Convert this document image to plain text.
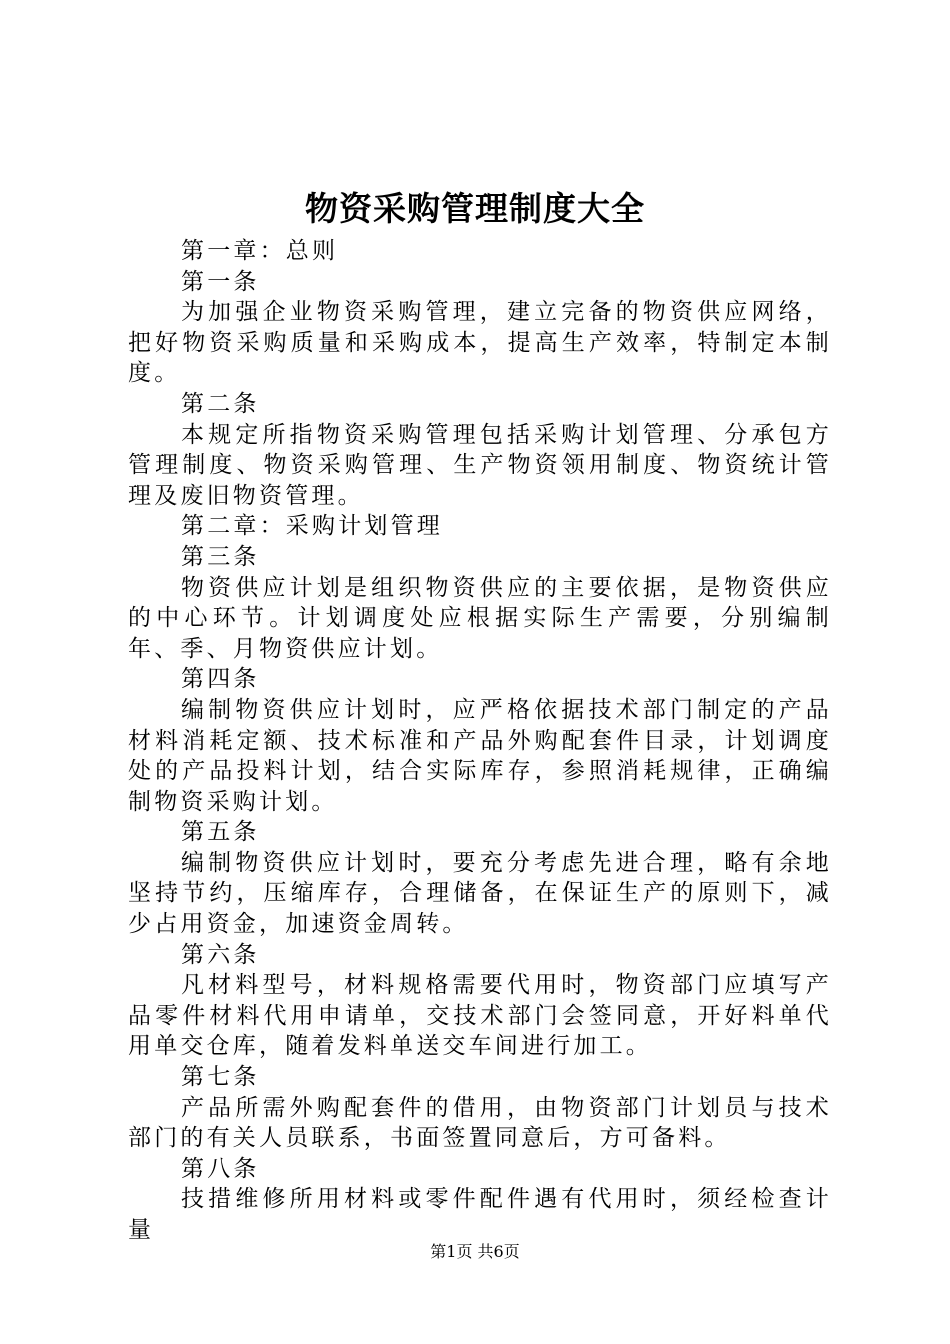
物资采购管理制度大全
第一章：总则
第一条
为加强企业物资采购管理，建立完备的物资供应网络，把好物资采购质量和采购成本，提高生产效率，特制定本制度。
第二条
本规定所指物资采购管理包括采购计划管理、分承包方管理制度、物资采购管理、生产物资领用制度、物资统计管理及废旧物资管理。
第二章：采购计划管理
第三条
物资供应计划是组织物资供应的主要依据，是物资供应的中心环节。计划调度处应根据实际生产需要，分别编制年、季、月物资供应计划。
第四条
编制物资供应计划时，应严格依据技术部门制定的产品材料消耗定额、技术标准和产品外购配套件目录，计划调度处的产品投料计划，结合实际库存，参照消耗规律，正确编制物资采购计划。
第五条
编制物资供应计划时，要充分考虑先进合理，略有余地坚持节约，压缩库存，合理储备，在保证生产的原则下，减少占用资金，加速资金周转。
第六条
凡材料型号，材料规格需要代用时，物资部门应填写产品零件材料代用申请单，交技术部门会签同意，开好料单代用单交仓库，随着发料单送交车间进行加工。
第七条
产品所需外购配套件的借用，由物资部门计划员与技术部门的有关人员联系，书面签置同意后，方可备料。
第八条
技措维修所用材料或零件配件遇有代用时，须经检查计量
第1页 共6页
